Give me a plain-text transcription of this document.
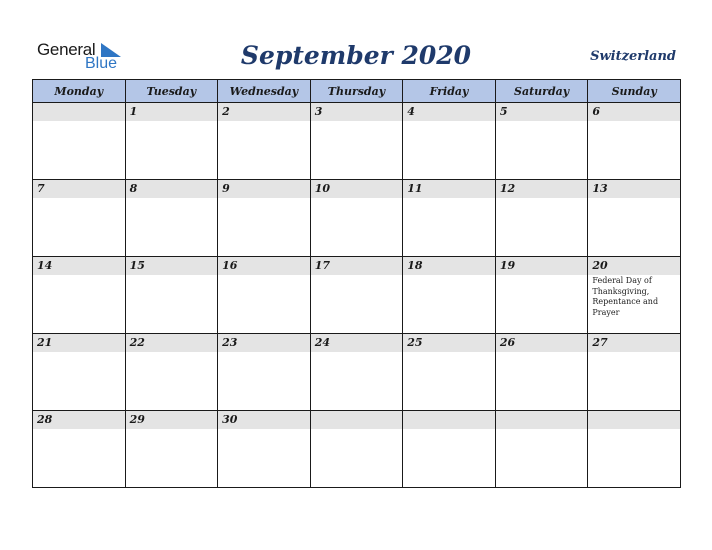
General
Blue	September 2020	Switzerland
Monday	Tuesday	Wednesday	Thursday	Friday	Saturday	Sunday

	1	2	3	4	5	6

7	8	9	10	11	12	13

14	15	16	17	18	19	20
Federal Day of Thanksgiving, Repentance and Prayer

21	22	23	24	25	26	27

28	29	30				
